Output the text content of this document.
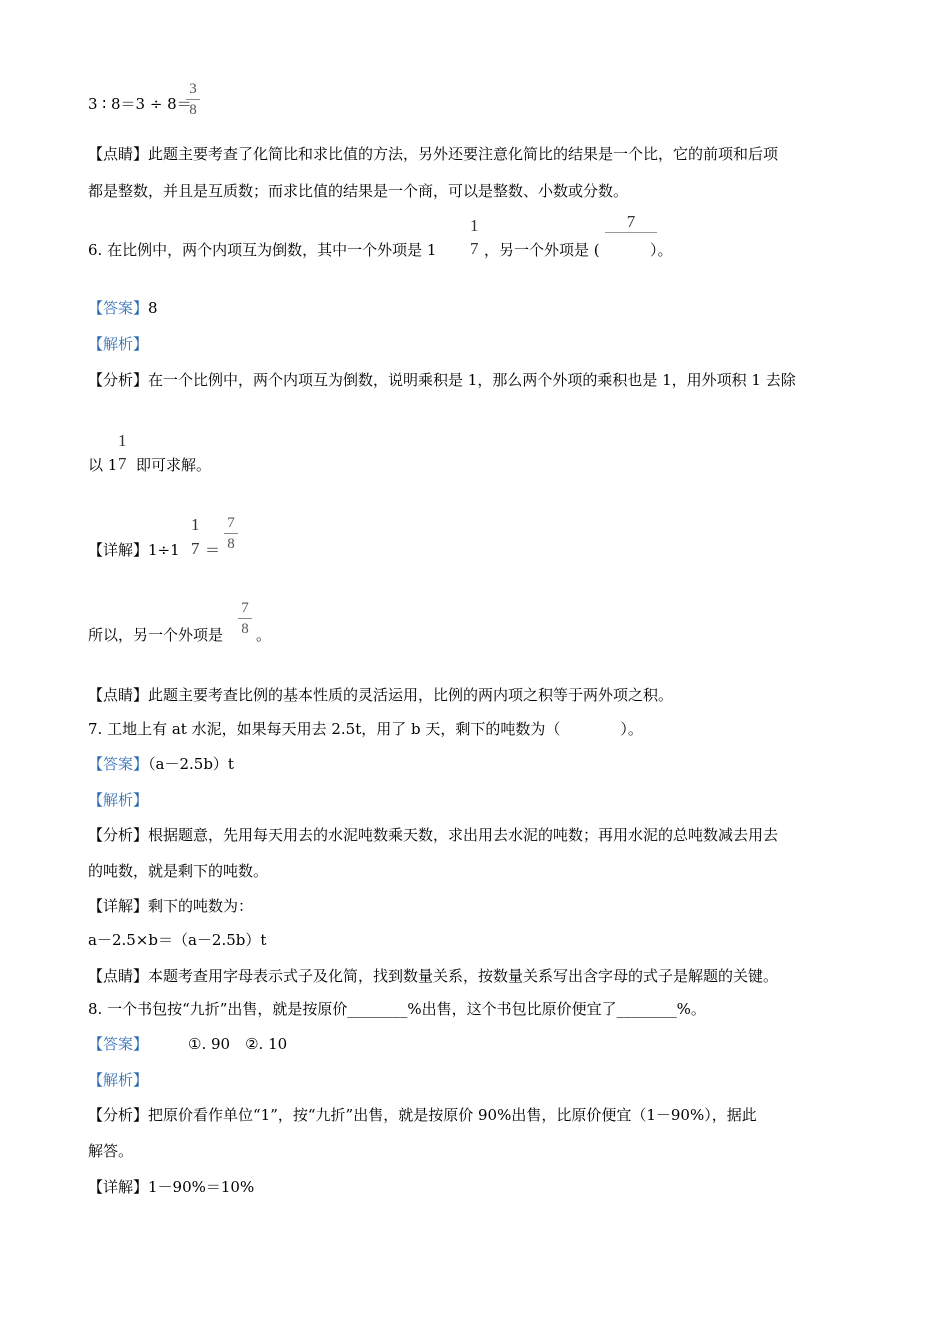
3 ∶ 8＝3 ÷ 8＝
3
8
【点睛】此题主要考查了化简比和求比值的方法，另外还要注意化简比的结果是一个比，它的前项和后项
都是整数，并且是互质数；而求比值的结果是一个商，可以是整数、小数或分数。
6. 在比例中，两个内项互为倒数，其中一个外项是 1
1
7 ，另一个外项是 (
7
）。
【答案】8
【解析】
【分析】在一个比例中，两个内项互为倒数，说明乘积是 1，那么两个外项的乘积也是 1，用外项积 1 去除
以 1
1
7 即可求解。
【详解】1÷1
1
7 ＝
7
8
所以，另一个外项是
7
8 。
【点睛】此题主要考查比例的基本性质的灵活运用，比例的两内项之积等于两外项之积。
7. 工地上有 at 水泥，如果每天用去 2.5t，用了 b 天，剩下的吨数为（　　　　）。
【答案】（a－2.5b）t
【解析】
【分析】根据题意，先用每天用去的水泥吨数乘天数，求出用去水泥的吨数；再用水泥的总吨数减去用去
的吨数，就是剩下的吨数。
【详解】剩下的吨数为：
a－2.5×b＝（a－2.5b）t
【点睛】本题考查用字母表示式子及化简，找到数量关系，按数量关系写出含字母的式子是解题的关键。
8. 一个书包按“九折”出售，就是按原价________%出售，这个书包比原价便宜了________%。
【答案】	①. 90　②. 10
【解析】
【分析】把原价看作单位“1”，按“九折”出售，就是按原价 90%出售，比原价便宜（1－90%），据此
解答。
【详解】1－90%＝10%
